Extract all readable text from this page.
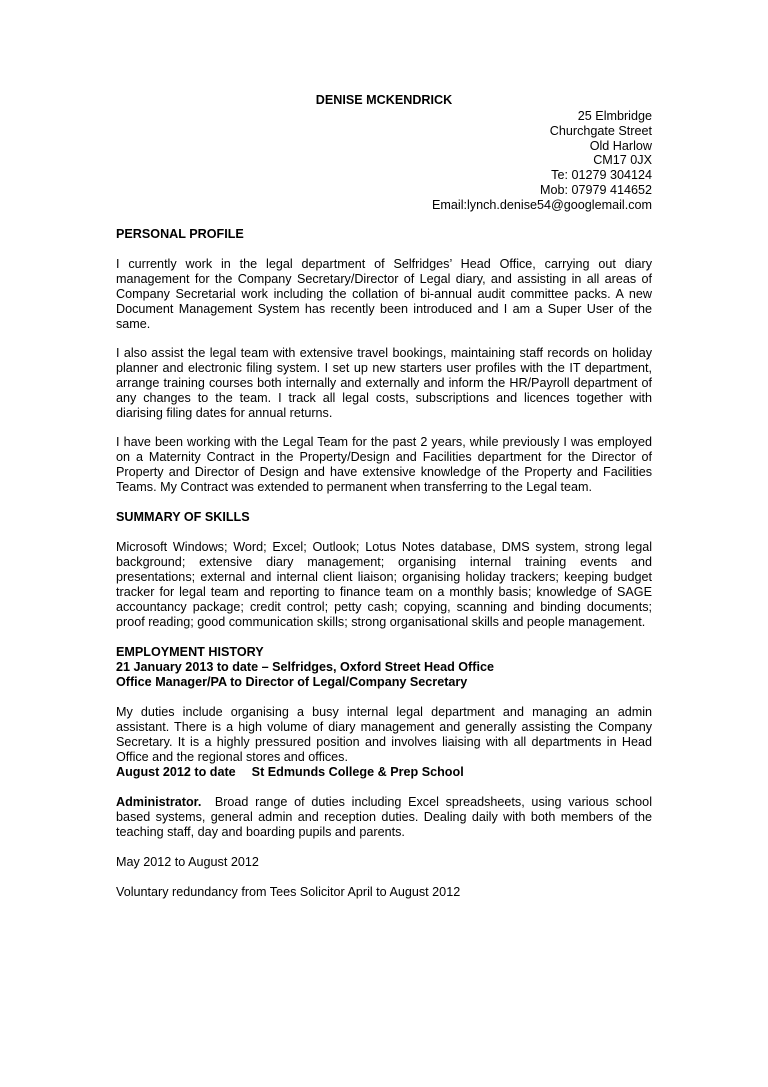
DENISE MCKENDRICK
25 Elmbridge
Churchgate Street
Old Harlow
CM17 0JX
Te: 01279 304124
Mob: 07979 414652
Email:lynch.denise54@googlemail.com

PERSONAL PROFILE

I currently work in the legal department of Selfridges’ Head Office, carrying out diary management for the Company Secretary/Director of Legal diary, and assisting in all areas of Company Secretarial work including the collation of bi-annual audit committee packs. A new Document Management System has recently been introduced and I am a Super User of the same.

I also assist the legal team with extensive travel bookings, maintaining staff records on holiday planner and electronic filing system. I set up new starters user profiles with the IT department, arrange training courses both internally and externally and inform the HR/Payroll department of any changes to the team. I track all legal costs, subscriptions and licences together with diarising filing dates for annual returns.

I have been working with the Legal Team for the past 2 years, while previously I was employed on a Maternity Contract in the Property/Design and Facilities department for the Director of Property and Director of Design and have extensive knowledge of the Property and Facilities Teams. My Contract was extended to permanent when transferring to the Legal team.

SUMMARY OF SKILLS

Microsoft Windows; Word; Excel; Outlook; Lotus Notes database, DMS system, strong legal background; extensive diary management; organising internal training events and presentations; external and internal client liaison; organising holiday trackers; keeping budget tracker for legal team and reporting to finance team on a monthly basis; knowledge of SAGE accountancy package; credit control; petty cash; copying, scanning and binding documents; proof reading; good communication skills; strong organisational skills and people management.

EMPLOYMENT HISTORY

21 January 2013 to date – Selfridges, Oxford Street Head Office

Office Manager/PA to Director of Legal/Company Secretary

My duties include organising a busy internal legal department and managing an admin assistant. There is a high volume of diary management and generally assisting the Company Secretary. It is a highly pressured position and involves liaising with all departments in Head Office and the regional stores and offices.

August 2012 to date St Edmunds College & Prep School

Administrator. Broad range of duties including Excel spreadsheets, using various school based systems, general admin and reception duties. Dealing daily with both members of the teaching staff, day and boarding pupils and parents.

May 2012 to August 2012

Voluntary redundancy from Tees Solicitor April to August 2012
